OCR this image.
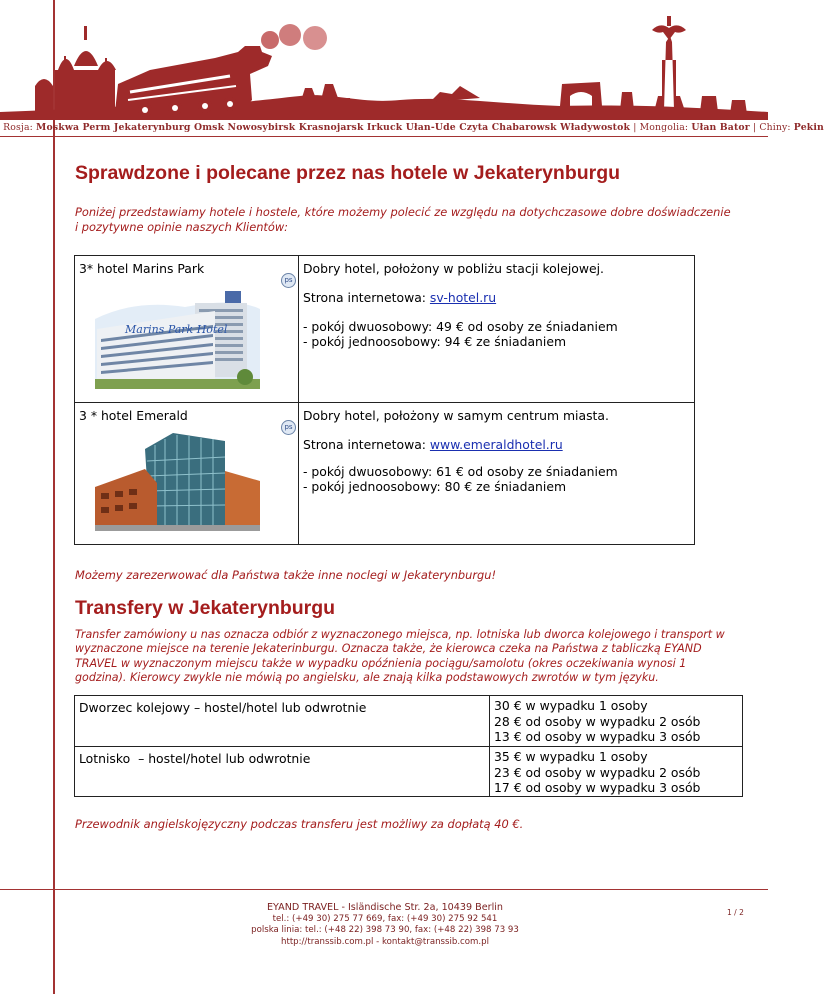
Rosja: Moskwa Perm Jekaterynburg Omsk Nowosybirsk Krasnojarsk Irkuck Ułan-Ude Czyta Chabarowsk Władywostok | Mongolia: Ułan Bator | Chiny: Pekin
Sprawdzone i polecane przez nas hotele w Jekaterynburgu

Poniżej przedstawiamy hotele i hostele, które możemy polecić ze względu na dotychczasowe dobre doświadczenie i pozytywne opinie naszych Klientów:

3* hotel Marins Park
Marins Park Hotel
ps
Dobry hotel, położony w pobliżu stacji kolejowej.
Strona internetowa: sv-hotel.ru
- pokój dwuosobowy: 49 € od osoby ze śniadaniem
- pokój jednoosobowy: 94 € ze śniadaniem
3 * hotel Emerald
ps
Dobry hotel, położony w samym centrum miasta.
Strona internetowa: www.emeraldhotel.ru
- pokój dwuosobowy: 61 € od osoby ze śniadaniem
- pokój jednoosobowy: 80 € ze śniadaniem
Możemy zarezerwować dla Państwa także inne noclegi w Jekaterynburgu!
Transfery w Jekaterynburgu

Transfer zamówiony u nas oznacza odbiór z wyznaczonego miejsca, np. lotniska lub dworca kolejowego i transport w wyznaczone miejsce na terenie Jekaterinburgu. Oznacza także, że kierowca czeka na Państwa z tabliczką EYAND TRAVEL w wyznaczonym miejscu także w wypadku opóźnienia pociągu/samolotu (okres oczekiwania wynosi 1 godzina). Kierowcy zwykle nie mówią po angielsku, ale znają kilka podstawowych zwrotów w tym języku.

Dworzec kolejowy – hostel/hotel lub odwrotnie	30 € w wypadku 1 osoby
28 € od osoby w wypadku 2 osób
13 € od osoby w wypadku 3 osób
Lotnisko  – hostel/hotel lub odwrotnie	35 € w wypadku 1 osoby
23 € od osoby w wypadku 2 osób
17 € od osoby w wypadku 3 osób
Przewodnik angielskojęzyczny podczas transferu jest możliwy za dopłatą 40 €.
EYAND TRAVEL - Isländische Str. 2a, 10439 Berlin
tel.: (+49 30) 275 77 669, fax: (+49 30) 275 92 541
polska linia: tel.: (+48 22) 398 73 90, fax: (+48 22) 398 73 93
http://transsib.com.pl - kontakt@transsib.com.pl
1 / 2
